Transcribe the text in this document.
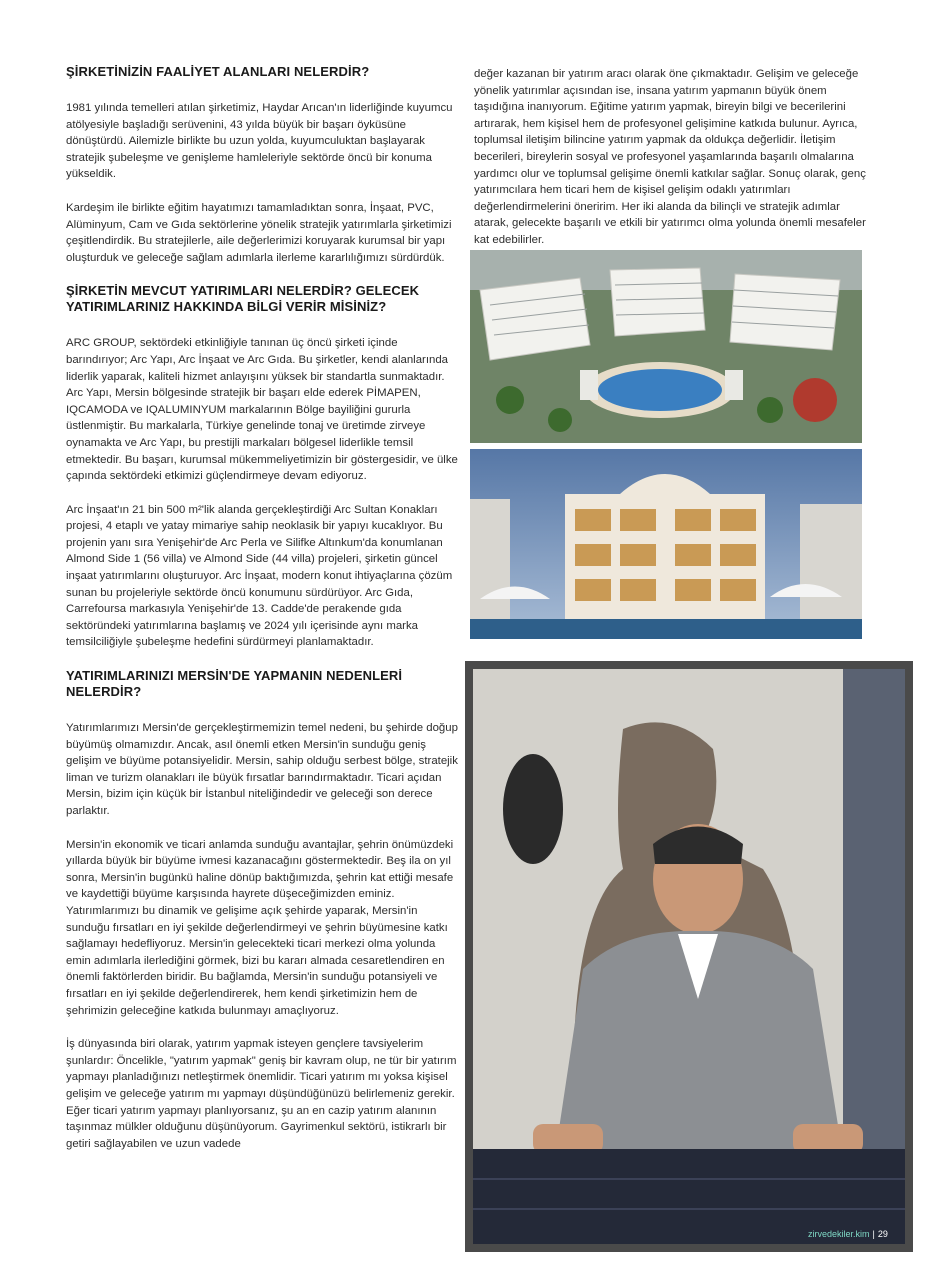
ŞİRKETİNİZİN FAALİYET ALANLARI NELERDİR?

1981 yılında temelleri atılan şirketimiz, Haydar Arıcan'ın liderliğinde kuyumcu atölyesiyle başladığı serüvenini, 43 yılda büyük bir başarı öyküsüne dönüştürdü. Ailemizle birlikte bu uzun yolda, kuyumculuktan başlayarak stratejik şubeleşme ve genişleme hamleleriyle sektörde öncü bir konuma yükseldik.

Kardeşim ile birlikte eğitim hayatımızı tamamladıktan sonra, İnşaat, PVC, Alüminyum, Cam ve Gıda sektörlerine yönelik stratejik yatırımlarla şirketimizi çeşitlendirdik. Bu stratejilerle, aile değerlerimizi koruyarak kurumsal bir yapı oluşturduk ve geleceğe sağlam adımlarla ilerleme kararlılığımızı sürdürdük.

ŞİRKETİN MEVCUT YATIRIMLARI NELERDİR? GELECEK YATIRIMLARINIZ HAKKINDA BİLGİ VERİR MİSİNİZ?

ARC GROUP, sektördeki etkinliğiyle tanınan üç öncü şirketi içinde barındırıyor; Arc Yapı, Arc İnşaat ve Arc Gıda. Bu şirketler, kendi alanlarında liderlik yaparak, kaliteli hizmet anlayışını yüksek bir standartla sunmaktadır. Arc Yapı, Mersin bölgesinde stratejik bir başarı elde ederek PİMAPEN, IQCAMODA ve IQALUMINYUM markalarının Bölge bayiliğini gururla üstlenmiştir. Bu markalarla, Türkiye genelinde tonaj ve üretimde zirveye oynamakta ve Arc Yapı, bu prestijli markaları bölgesel liderlikle temsil etmektedir. Bu başarı, kurumsal mükemmeliyetimizin bir göstergesidir, ve ülke çapında sektördeki etkimizi güçlendirmeye devam ediyoruz.

Arc İnşaat'ın 21 bin 500 m²'lik alanda gerçekleştirdiği Arc Sultan Konakları projesi, 4 etaplı ve yatay mimariye sahip neoklasik bir yapıyı kucaklıyor. Bu projenin yanı sıra Yenişehir'de Arc Perla ve Silifke Altınkum'da konumlanan Almond Side 1 (56 villa) ve Almond Side (44 villa) projeleri, şirketin güncel inşaat yatırımlarını oluşturuyor. Arc İnşaat, modern konut ihtiyaçlarına çözüm sunan bu projeleriyle sektörde öncü konumunu sürdürüyor. Arc Gıda, Carrefoursa markasıyla Yenişehir'de 13. Cadde'de perakende gıda sektöründeki yatırımlarına başlamış ve 2024 yılı içerisinde aynı marka temsilciliğiyle şubeleşme hedefini sürdürmeyi planlamaktadır.

YATIRIMLARINIZI MERSİN'DE YAPMANIN NEDENLERİ NELERDİR?

Yatırımlarımızı Mersin'de gerçekleştirmemizin temel nedeni, bu şehirde doğup büyümüş olmamızdır. Ancak, asıl önemli etken Mersin'in sunduğu geniş gelişim ve büyüme potansiyelidir. Mersin, sahip olduğu serbest bölge, stratejik liman ve turizm olanakları ile büyük fırsatlar barındırmaktadır. Ticari açıdan Mersin, bizim için küçük bir İstanbul niteliğindedir ve geleceği son derece parlaktır.

Mersin'in ekonomik ve ticari anlamda sunduğu avantajlar, şehrin önümüzdeki yıllarda büyük bir büyüme ivmesi kazanacağını göstermektedir. Beş ila on yıl sonra, Mersin'in bugünkü haline dönüp baktığımızda, şehrin kat ettiği mesafe ve kaydettiği büyüme karşısında hayrete düşeceğimizden eminiz. Yatırımlarımızı bu dinamik ve gelişime açık şehirde yaparak, Mersin'in sunduğu fırsatları en iyi şekilde değerlendirmeyi ve şehrin büyümesine katkı sağlamayı hedefliyoruz. Mersin'in gelecekteki ticari merkezi olma yolunda emin adımlarla ilerlediğini görmek, bizi bu kararı almada cesaretlendiren en önemli faktörlerden biridir. Bu bağlamda, Mersin'in sunduğu potansiyeli ve fırsatları en iyi şekilde değerlendirerek, hem kendi şirketimizin hem de şehrimizin geleceğine katkıda bulunmayı amaçlıyoruz.

İş dünyasında biri olarak, yatırım yapmak isteyen gençlere tavsiyelerim şunlardır: Öncelikle, "yatırım yapmak" geniş bir kavram olup, ne tür bir yatırım yapmayı planladığınızı netleştirmek önemlidir. Ticari yatırım mı yoksa kişisel gelişim ve geleceğe yatırım mı yapmayı düşündüğünüzü belirlemeniz gerekir. Eğer ticari yatırım yapmayı planlıyorsanız, şu an en cazip yatırım alanının taşınmaz mülkler olduğunu düşünüyorum. Gayrimenkul sektörü, istikrarlı bir getiri sağlayabilen ve uzun vadede

değer kazanan bir yatırım aracı olarak öne çıkmaktadır. Gelişim ve geleceğe yönelik yatırımlar açısından ise, insana yatırım yapmanın büyük önem taşıdığına inanıyorum. Eğitime yatırım yapmak, bireyin bilgi ve becerilerini artırarak, hem kişisel hem de profesyonel gelişimine katkıda bulunur. Ayrıca, toplumsal iletişim bilincine yatırım yapmak da oldukça değerlidir. İletişim becerileri, bireylerin sosyal ve profesyonel yaşamlarında başarılı olmalarına yardımcı olur ve toplumsal gelişime önemli katkılar sağlar. Sonuç olarak, genç yatırımcılara hem ticari hem de kişisel gelişim odaklı yatırımları değerlendirmelerini öneririm. Her iki alanda da bilinçli ve stratejik adımlar atarak, gelecekte başarılı ve etkili bir yatırımcı olma yolunda önemli mesafeler kat edebilirler.

zirvedekiler.kim | 29
